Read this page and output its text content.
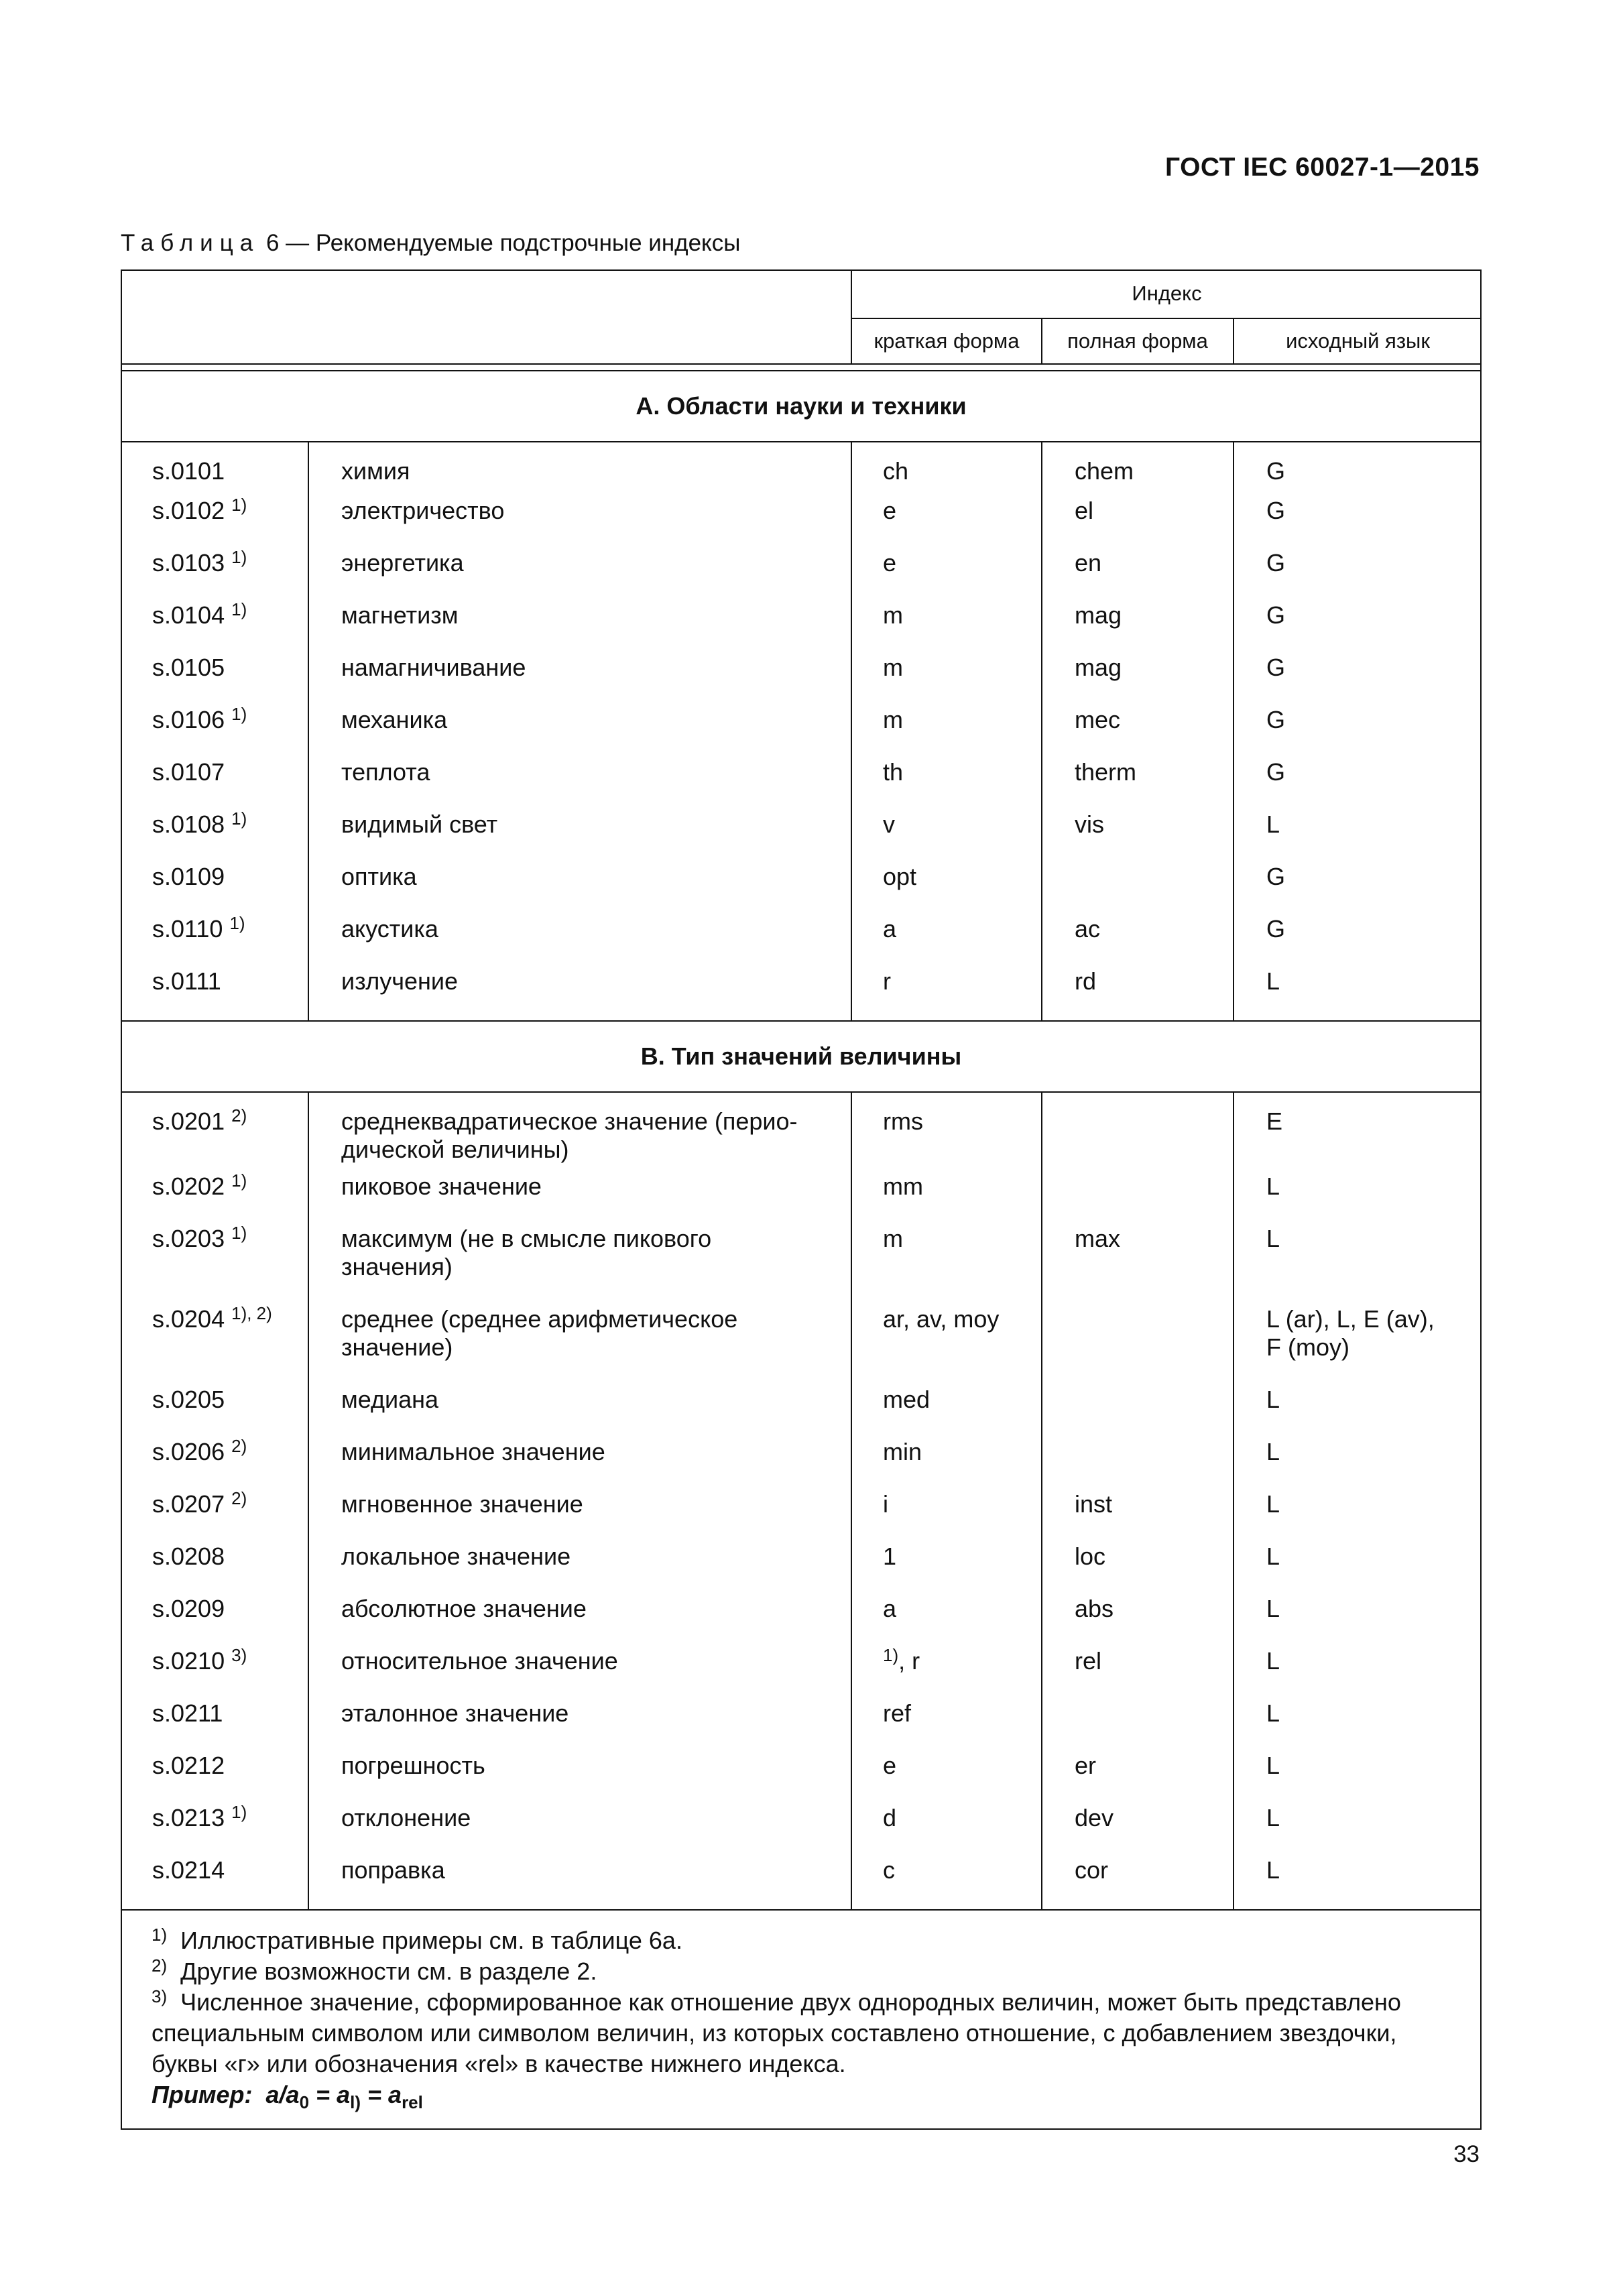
ГОСТ IEC 60027-1—2015
Таблица 6 — Рекомендуемые подстрочные индексы
		Индекс		
		краткая форма	полная форма	исходный язык

A. Области науки и техники				
s.0101	химия	ch	chem	G
s.0102 $^{1)}$	электричество	e	el	G
s.0103 $^{1)}$	энергетика	e	en	G
s.0104 $^{1)}$	магнетизм	m	mag	G
s.0105	намагничивание	m	mag	G
s.0106 $^{1)}$	механика	m	mec	G
s.0107	теплота	th	therm	G
s.0108 $^{1)}$	видимый свет	v	vis	L
s.0109	оптика	opt		G
s.0110 $^{1)}$	акустика	a	ac	G
s.0111	излучение	r	rd	L
B. Тип значений величины				
s.0201 $^{2)}$	среднеквадратическое значение (перио-
дической величины)	rms		E
s.0202 $^{1)}$	пиковое значение	mm		L
s.0203 $^{1)}$	максимум (не в смысле пикового
значения)	m	max	L
s.0204 $^{1), 2)}$	среднее (среднее арифметическое
значение)	ar, av, moy		L (ar), L, E (av),
F (moy)
s.0205	медиана	med		L
s.0206 $^{2)}$	минимальное значение	min		L
s.0207 $^{2)}$	мгновенное значение	i	inst	L
s.0208	локальное значение	1	loc	L
s.0209	абсолютное значение	a	abs	L
s.0210 $^{3)}$	относительное значение	$^{1)}$, r	rel	L
s.0211	эталонное значение	ref		L
s.0212	погрешность	e	er	L
s.0213 $^{1)}$	отклонение	d	dev	L
s.0214	поправка	c	cor	L

$^{1)}$ Иллюстративные примеры см. в таблице 6а.
$^{2)}$ Другие возможности см. в разделе 2.
$^{3)}$ Численное значение, сформированное как отношение двух однородных величин, может быть представлено специальным символом или символом величин, из которых составлено отношение, с добавлением звездочки, буквы «г» или обозначения «rel» в качестве нижнего индекса.
Пример: $a/a_0 = a_{l)} = a_{rel}$
33
